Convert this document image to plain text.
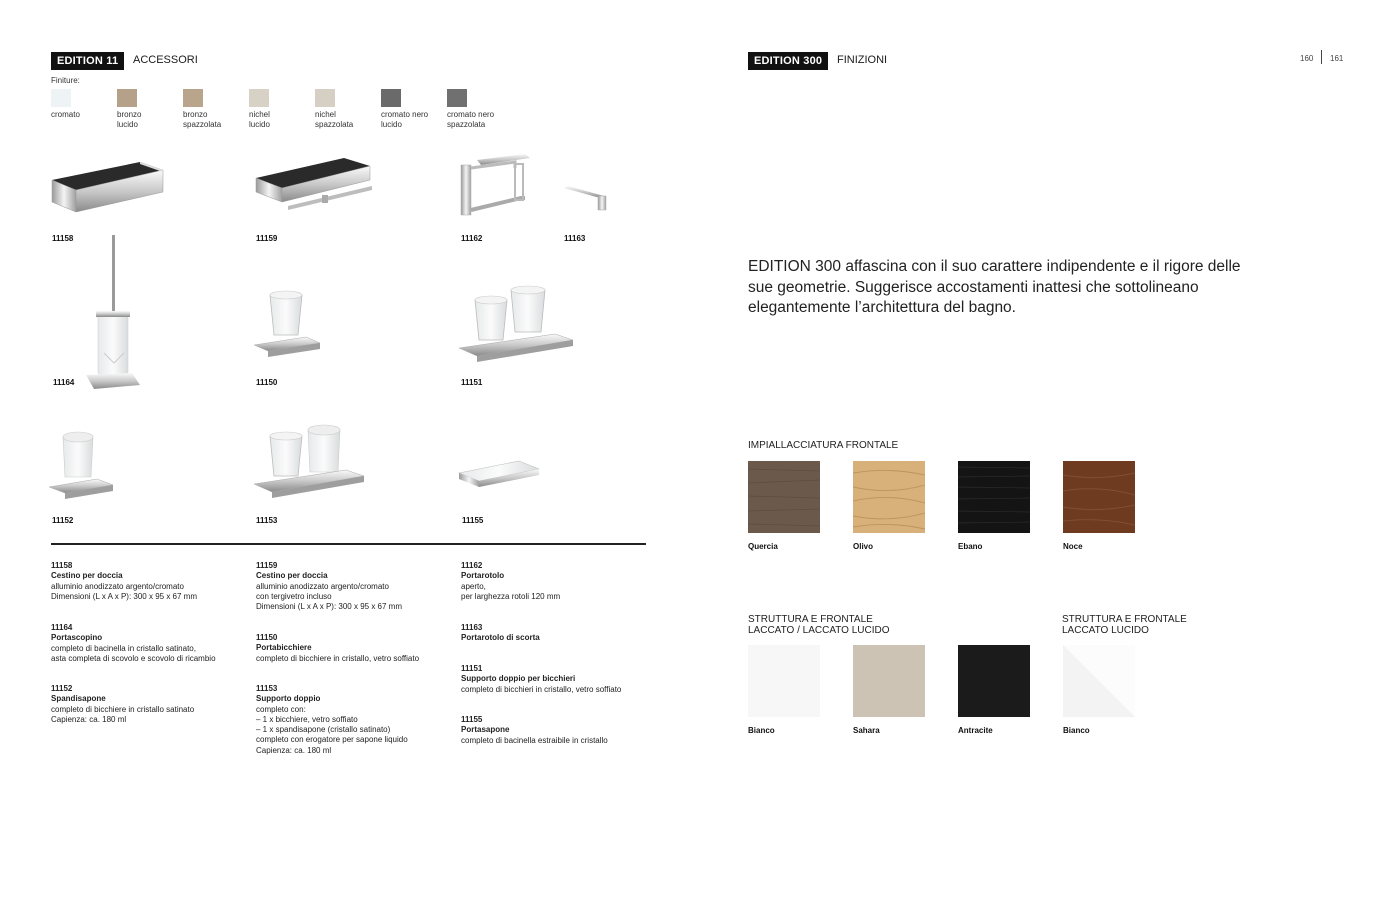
EDITION 11	ACCESSORI
Finiture:
cromato	bronzo
lucido
bronzo
spazzolata
nichel
lucido
nichel
spazzolata
cromato nero
lucido
cromato nero
spazzolata
11158	11159	11162	11163
11164	11150	11151
11152	11153	11155
11158
Cestino per doccia
alluminio anodizzato argento/cromato
Dimensioni (L x A x P): 300 x 95 x 67 mm
11164
Portascopino
completo di bacinella in cristallo satinato,
asta completa di scovolo e scovolo di ricambio
11152
Spandisapone
completo di bicchiere in cristallo satinato
Capienza: ca. 180 ml
11159
Cestino per doccia
alluminio anodizzato argento/cromato
con tergivetro incluso
Dimensioni (L x A x P): 300 x 95 x 67 mm
11150
Portabicchiere
completo di bicchiere in cristallo, vetro soffiato
11153
Supporto doppio
completo con:
– 1 x bicchiere, vetro soffiato
– 1 x spandisapone (cristallo satinato)
completo con erogatore per sapone liquido
Capienza: ca. 180 ml
11162
Portarotolo
aperto,
per larghezza rotoli 120 mm
11163
Portarotolo di scorta
11151
Supporto doppio per bicchieri
completo di bicchieri in cristallo, vetro soffiato
11155
Portasapone
completo di bacinella estraibile in cristallo
EDITION 300	FINIZIONI	160 161
EDITION 300 affascina con il suo carattere indipendente e il rigore delle sue geometrie. Suggerisce accostamenti inattesi che sottolineano elegantemente l’architettura del bagno.
IMPIALLACCIATURA FRONTALE
Quercia	Olivo	Ebano	Noce
STRUTTURA E FRONTALE
LACCATO / LACCATO LUCIDO
STRUTTURA E FRONTALE
LACCATO LUCIDO
Bianco	Sahara	Antracite	Bianco
